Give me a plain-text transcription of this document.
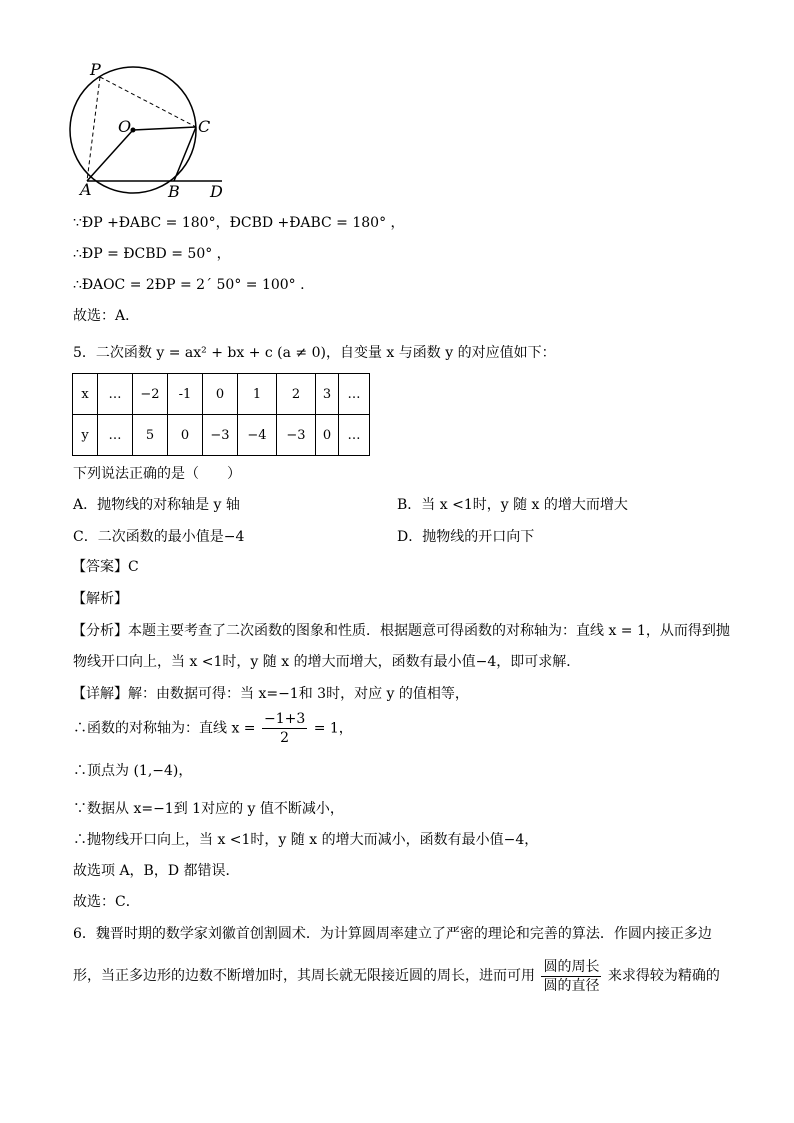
P
O	C
A	B D
∵ÐP +ÐABC = 180°，ÐCBD +ÐABC = 180° ，
∴ÐP = ÐCBD = 50° ，
∴ÐAOC = 2ÐP = 2´ 50° = 100° .
故选：A．
5．二次函数 y = ax² + bx + c (a ≠ 0)，自变量 x 与函数 y 的对应值如下：
x	…	−2	-1	0	1	2	3	…
y	…	5	0	−3	−4	−3	0	…
下列说法正确的是（　　）
A．抛物线的对称轴是 y 轴	B．当 x <1时，y 随 x 的增大而增大
C．二次函数的最小值是−4	D．抛物线的开口向下
【答案】C
【解析】
【分析】本题主要考查了二次函数的图象和性质．根据题意可得函数的对称轴为：直线 x = 1，从而得到抛
物线开口向上，当 x <1时，y 随 x 的增大而增大，函数有最小值−4，即可求解．
【详解】解：由数据可得：当 x=−1和 3时，对应 y 的值相等，
∴函数的对称轴为：直线 $x = \frac{-1+3}{2} = 1$，
∴顶点为 (1,−4)，
∵数据从 x=−1到 1对应的 y 值不断减小，
∴抛物线开口向上，当 x <1时，y 随 x 的增大而减小，函数有最小值−4，
故选项 A，B，D 都错误．
故选：C．
6．魏晋时期的数学家刘徽首创割圆术．为计算圆周率建立了严密的理论和完善的算法．作圆内接正多边
形，当正多边形的边数不断增加时，其周长就无限接近圆的周长，进而可用 $\frac{\text{圆的周长}}{\text{圆的直径}}$ 来求得较为精确的
